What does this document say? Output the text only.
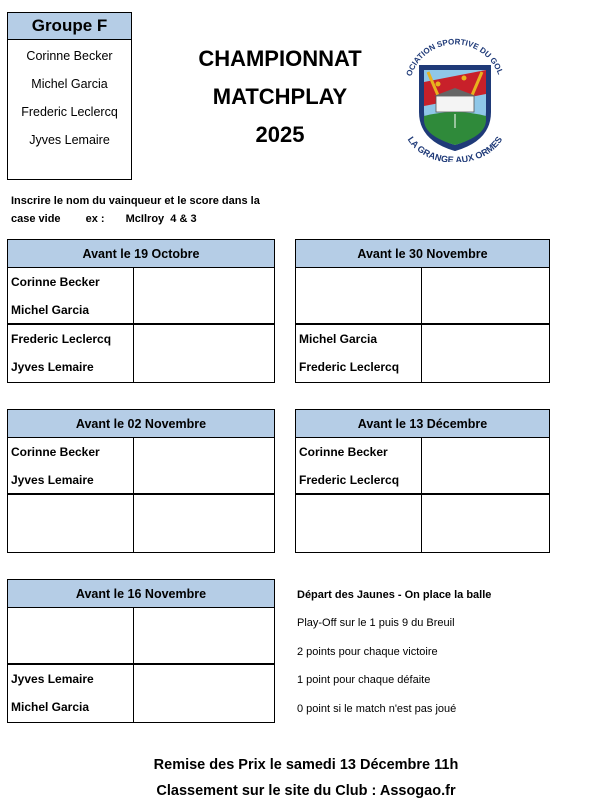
Groupe F
Corinne Becker
Michel Garcia
Frederic Leclercq
Jyves Lemaire
CHAMPIONNAT
MATCHPLAY
2025
OCIATION SPORTIVE DU GOL
LA GRANGE AUX ORMES
Inscrire le nom du vainqueur et le score dans la
case vide ex : McIlroy  4 & 3
Avant le 19 Octobre
Corinne Becker
Michel Garcia
Frederic Leclercq
Jyves Lemaire
Avant le 30 Novembre
Michel Garcia
Frederic Leclercq
Avant le 02 Novembre
Corinne Becker
Jyves Lemaire
Avant le 13 Décembre
Corinne Becker
Frederic Leclercq
Avant le 16 Novembre
Jyves Lemaire
Michel Garcia
Départ des Jaunes - On place la balle
Play-Off sur le 1 puis 9 du Breuil
2 points pour chaque victoire
1 point pour chaque défaite
0 point si le match n'est pas joué
Remise des Prix le samedi 13 Décembre 11h
Classement sur le site du Club : Assogao.fr
